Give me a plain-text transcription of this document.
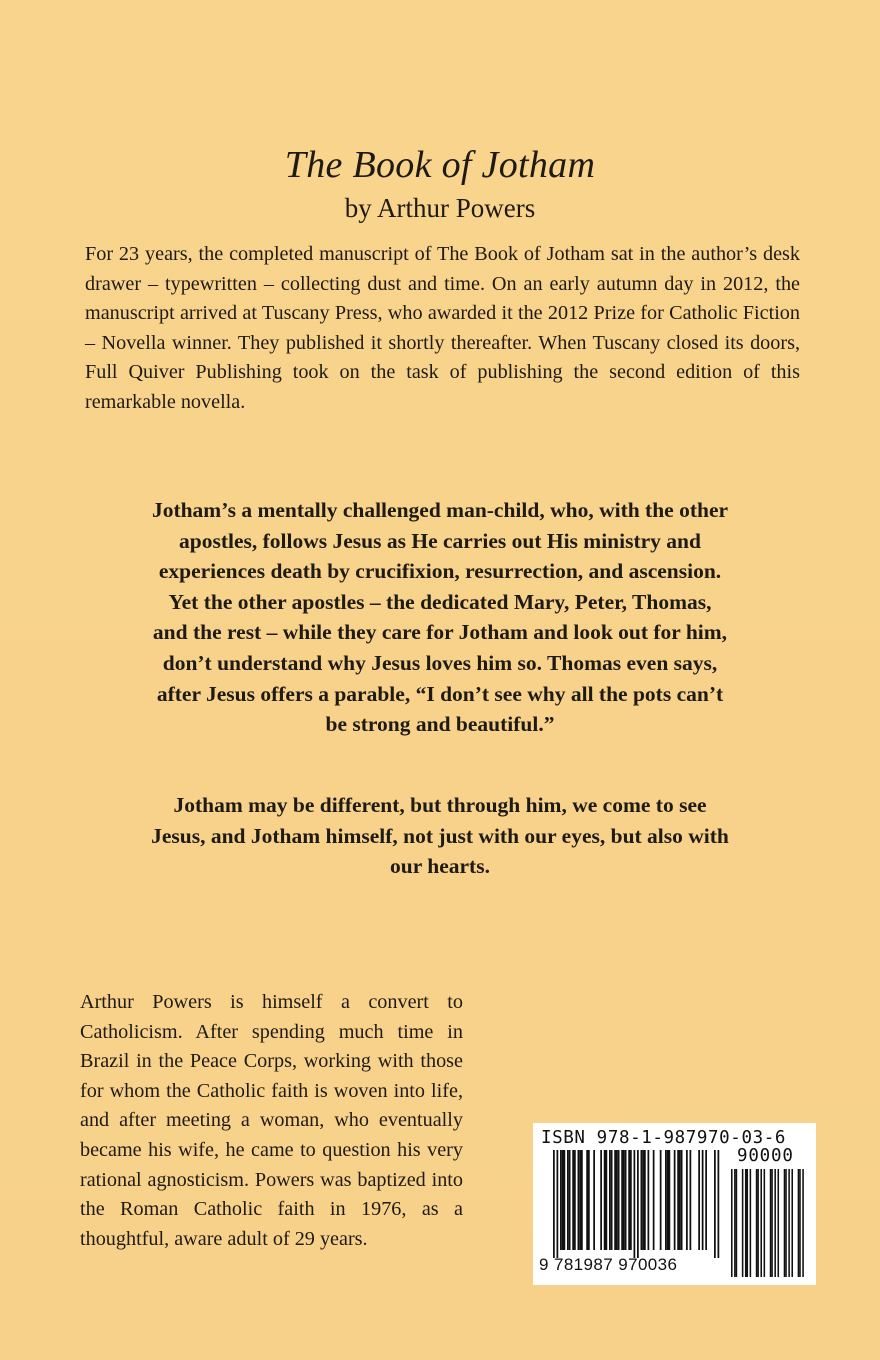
The Book of Jotham
by Arthur Powers

For 23 years, the completed manuscript of The Book of Jotham sat in the author’s desk drawer – typewritten – collecting dust and time. On an early autumn day in 2012, the manuscript arrived at Tuscany Press, who awarded it the 2012 Prize for Catholic Fiction – Novella winner. They published it shortly thereafter. When Tuscany closed its doors, Full Quiver Publishing took on the task of publishing the second edition of this remarkable novella.

Jotham’s a mentally challenged man-child, who, with the other apostles, follows Jesus as He carries out His ministry and experiences death by crucifixion, resurrection, and ascension. Yet the other apostles – the dedicated Mary, Peter, Thomas, and the rest – while they care for Jotham and look out for him, don’t understand why Jesus loves him so. Thomas even says, after Jesus offers a parable, “I don’t see why all the pots can’t be strong and beautiful.”

Jotham may be different, but through him, we come to see Jesus, and Jotham himself, not just with our eyes, but also with our hearts.

Arthur Powers is himself a convert to Catholicism. After spending much time in Brazil in the Peace Corps, working with those for whom the Catholic faith is woven into life, and after meeting a woman, who eventually became his wife, he came to question his very rational agnosticism. Powers was baptized into the Roman Catholic faith in 1976, as a thoughtful, aware adult of 29 years.

ISBN 978-1-987970-03-6
90000
9 781987 970036
